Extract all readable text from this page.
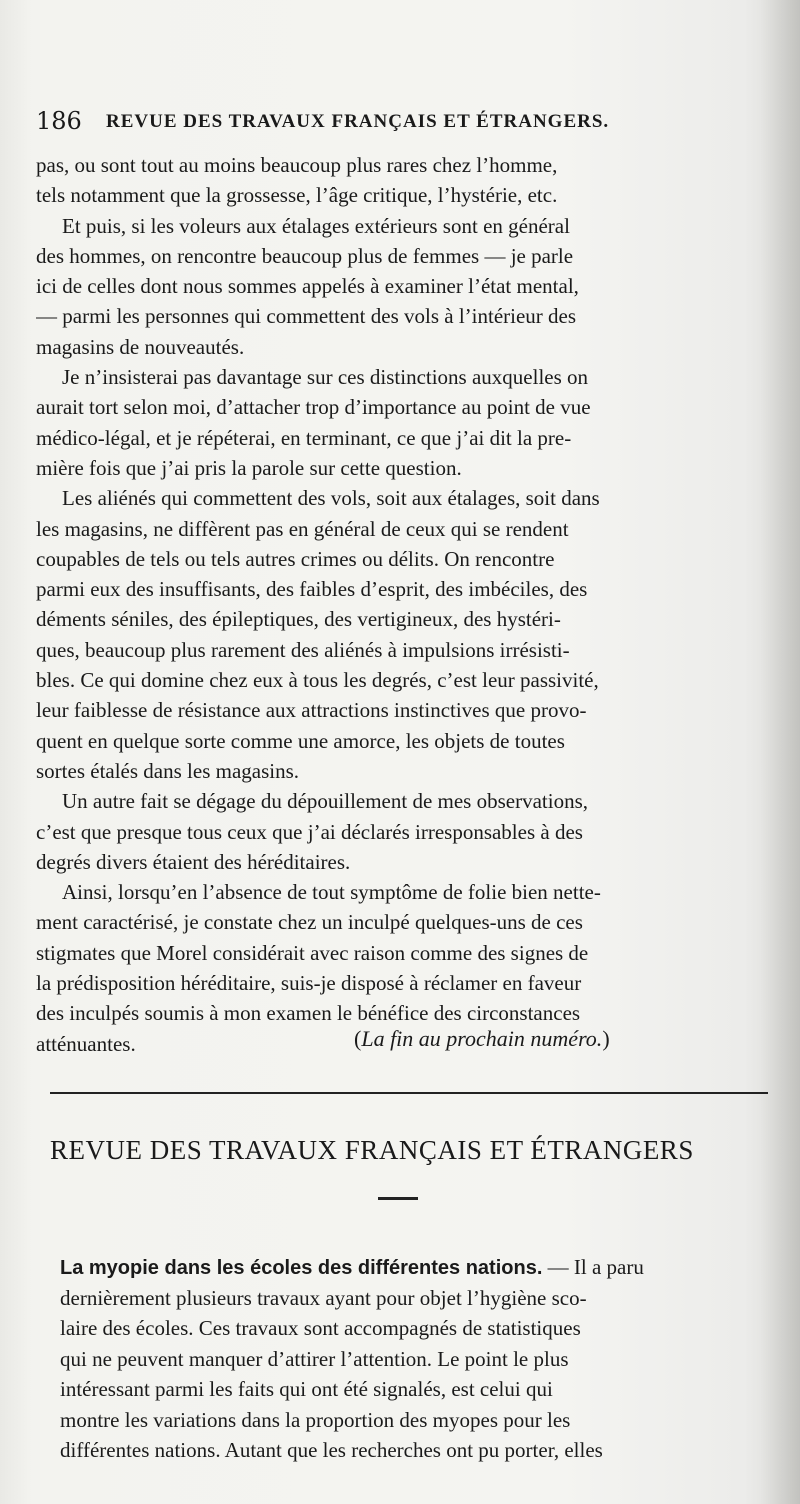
186 REVUE DES TRAVAUX FRANÇAIS ET ÉTRANGERS.
pas, ou sont tout au moins beaucoup plus rares chez l’homme,
tels notamment que la grossesse, l’âge critique, l’hystérie, etc.
Et puis, si les voleurs aux étalages extérieurs sont en général
des hommes, on rencontre beaucoup plus de femmes — je parle
ici de celles dont nous sommes appelés à examiner l’état mental,
— parmi les personnes qui commettent des vols à l’intérieur des
magasins de nouveautés.
Je n’insisterai pas davantage sur ces distinctions auxquelles on
aurait tort selon moi, d’attacher trop d’importance au point de vue
médico-légal, et je répéterai, en terminant, ce que j’ai dit la pre-
mière fois que j’ai pris la parole sur cette question.
Les aliénés qui commettent des vols, soit aux étalages, soit dans
les magasins, ne diffèrent pas en général de ceux qui se rendent
coupables de tels ou tels autres crimes ou délits. On rencontre
parmi eux des insuffisants, des faibles d’esprit, des imbéciles, des
déments séniles, des épileptiques, des vertigineux, des hystéri-
ques, beaucoup plus rarement des aliénés à impulsions irrésisti-
bles. Ce qui domine chez eux à tous les degrés, c’est leur passivité,
leur faiblesse de résistance aux attractions instinctives que provo-
quent en quelque sorte comme une amorce, les objets de toutes
sortes étalés dans les magasins.
Un autre fait se dégage du dépouillement de mes observations,
c’est que presque tous ceux que j’ai déclarés irresponsables à des
degrés divers étaient des héréditaires.
Ainsi, lorsqu’en l’absence de tout symptôme de folie bien nette-
ment caractérisé, je constate chez un inculpé quelques-uns de ces
stigmates que Morel considérait avec raison comme des signes de
la prédisposition héréditaire, suis-je disposé à réclamer en faveur
des inculpés soumis à mon examen le bénéfice des circonstances
atténuantes.	(La fin au prochain numéro.)
REVUE DES TRAVAUX FRANÇAIS ET ÉTRANGERS
La myopie dans les écoles des différentes nations. — Il a paru
dernièrement plusieurs travaux ayant pour objet l’hygiène sco-
laire des écoles. Ces travaux sont accompagnés de statistiques
qui ne peuvent manquer d’attirer l’attention. Le point le plus
intéressant parmi les faits qui ont été signalés, est celui qui
montre les variations dans la proportion des myopes pour les
différentes nations. Autant que les recherches ont pu porter, elles
